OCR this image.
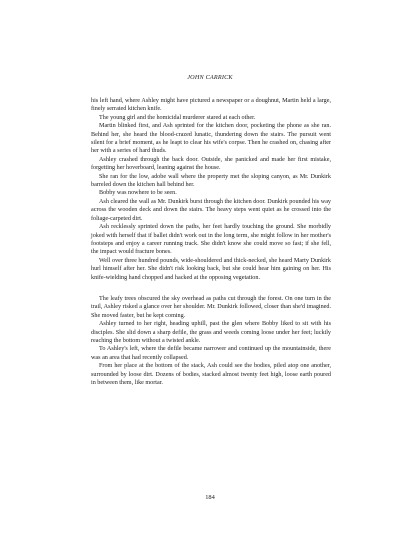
JOHN CARRICK

his left hand, where Ashley might have pictured a newspaper or a doughnut, Martin held a large, finely serrated kitchen knife.

The young girl and the homicidal murderer stared at each other.

Martin blinked first, and Ash sprinted for the kitchen door, pocketing the phone as she ran. Behind her, she heard the blood-crazed lunatic, thundering down the stairs. The pursuit went silent for a brief moment, as he leapt to clear his wife's corpse. Then he crashed on, chasing after her with a series of hard thuds.

Ashley crashed through the back door. Outside, she panicked and made her first mistake, forgetting her hoverboard, leaning against the house.

She ran for the low, adobe wall where the property met the sloping canyon, as Mr. Dunkirk barreled down the kitchen hall behind her.

Bobby was nowhere to be seen.

Ash cleared the wall as Mr. Dunkirk burst through the kitchen door. Dunkirk pounded his way across the wooden deck and down the stairs. The heavy steps went quiet as he crossed into the foliage-carpeted dirt.

Ash recklessly sprinted down the paths, her feet hardly touching the ground. She morbidly joked with herself that if ballet didn't work out in the long term, she might follow in her mother's footsteps and enjoy a career running track. She didn't know she could move so fast; if she fell, the impact would fracture bones.

Well over three hundred pounds, wide-shouldered and thick-necked, she heard Marty Dunkirk hurl himself after her. She didn't risk looking back, but she could hear him gaining on her. His knife-wielding hand chopped and hacked at the opposing vegetation.

The leafy trees obscured the sky overhead as paths cut through the forest. On one turn in the trail, Ashley risked a glance over her shoulder. Mr. Dunkirk followed, closer than she'd imagined. She moved faster, but he kept coming.

Ashley turned to her right, heading uphill, past the glen where Bobby liked to sit with his disciples. She slid down a sharp defile, the grass and weeds coming loose under her feet; luckily reaching the bottom without a twisted ankle.

To Ashley's left, where the defile became narrower and continued up the mountainside, there was an area that had recently collapsed.

From her place at the bottom of the stack, Ash could see the bodies, piled atop one another, surrounded by loose dirt. Dozens of bodies, stacked almost twenty feet high, loose earth poured in between them, like mortar.

184
